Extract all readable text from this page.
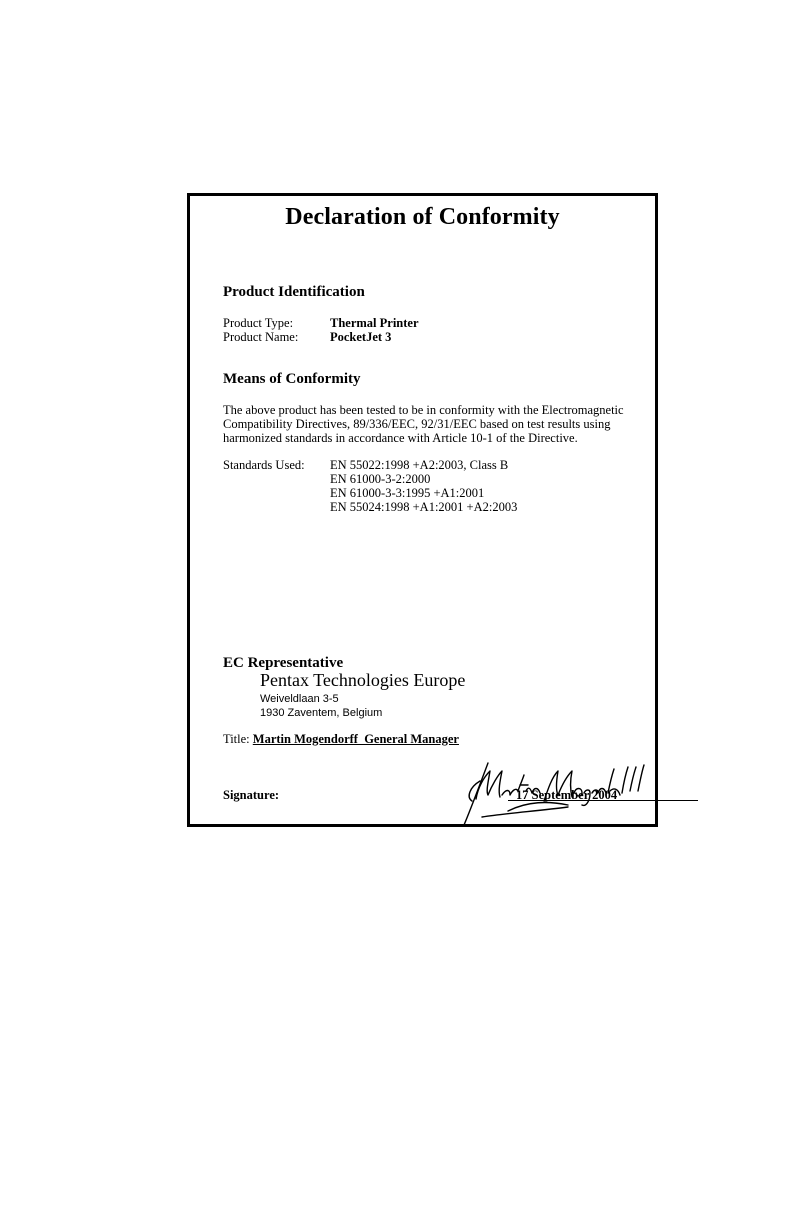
Declaration of Conformity
Product Identification
Product Type:	Thermal Printer
Product Name:	PocketJet 3
Means of Conformity
The above product has been tested to be in conformity with the Electromagnetic
Compatibility Directives, 89/336/EEC, 92/31/EEC based on test results using
harmonized standards in accordance with Article 10-1 of the Directive.
Standards Used: EN 55022:1998 +A2:2003, Class B
EN 61000-3-2:2000
EN 61000-3-3:1995 +A1:2001
EN 55024:1998 +A1:2001 +A2:2003
EC Representative
Pentax Technologies Europe
Weiveldlaan 3-5
1930 Zaventem, Belgium
Title: Martin Mogendorff  General Manager
Signature:	17 September 2004
